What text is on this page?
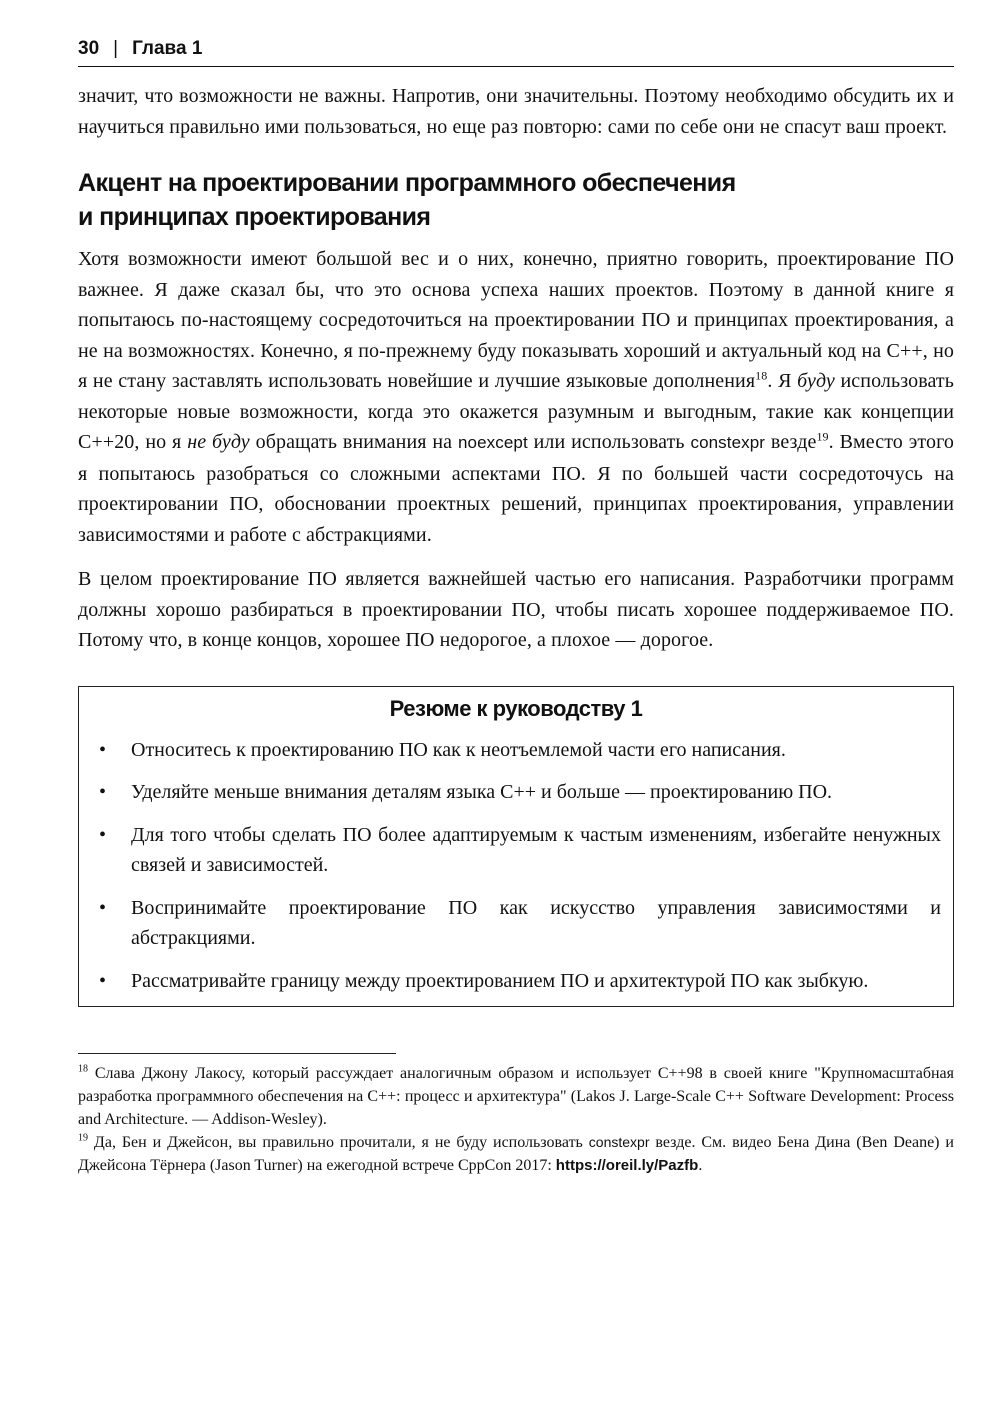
30 | Глава 1

значит, что возможности не важны. Напротив, они значительны. Поэтому необходимо обсудить их и научиться правильно ими пользоваться, но еще раз повторю: сами по себе они не спасут ваш проект.

Акцент на проектировании программного обеспечения
и принципах проектирования

Хотя возможности имеют большой вес и о них, конечно, приятно говорить, проектирование ПО важнее. Я даже сказал бы, что это основа успеха наших проектов. Поэтому в данной книге я попытаюсь по-настоящему сосредоточиться на проектировании ПО и принципах проектирования, а не на возможностях. Конечно, я по-прежнему буду показывать хороший и актуальный код на С++, но я не стану заставлять использовать новейшие и лучшие языковые дополнения$^{18}$. Я буду использовать некоторые новые возможности, когда это окажется разумным и выгодным, такие как концепции С++20, но я не буду обращать внимания на noexcept или использовать constexpr везде$^{19}$. Вместо этого я попытаюсь разобраться со сложными аспектами ПО. Я по большей части сосредоточусь на проектировании ПО, обосновании проектных решений, принципах проектирования, управлении зависимостями и работе с абстракциями.

В целом проектирование ПО является важнейшей частью его написания. Разработчики программ должны хорошо разбираться в проектировании ПО, чтобы писать хорошее поддерживаемое ПО. Потому что, в конце концов, хорошее ПО недорогое, а плохое — дорогое.

Резюме к руководству 1
•	Относитесь к проектированию ПО как к неотъемлемой части его написания.
•	Уделяйте меньше внимания деталям языка С++ и больше — проектированию ПО.
•	Для того чтобы сделать ПО более адаптируемым к частым изменениям, избегайте ненужных связей и зависимостей.
•	Воспринимайте проектирование ПО как искусство управления зависимостями и абстракциями.
•	Рассматривайте границу между проектированием ПО и архитектурой ПО как зыбкую.

$^{18}$ Слава Джону Лакосу, который рассуждает аналогичным образом и использует С++98 в своей книге "Крупномасштабная разработка программного обеспечения на С++: процесс и архитектура" (Lakos J. Large-Scale C++ Software Development: Process and Architecture. — Addison-Wesley).

$^{19}$ Да, Бен и Джейсон, вы правильно прочитали, я не буду использовать constexpr везде. См. видео Бена Дина (Ben Deane) и Джейсона Тёрнера (Jason Turner) на ежегодной встрече CppCon 2017: https://oreil.ly/Pazfb.
